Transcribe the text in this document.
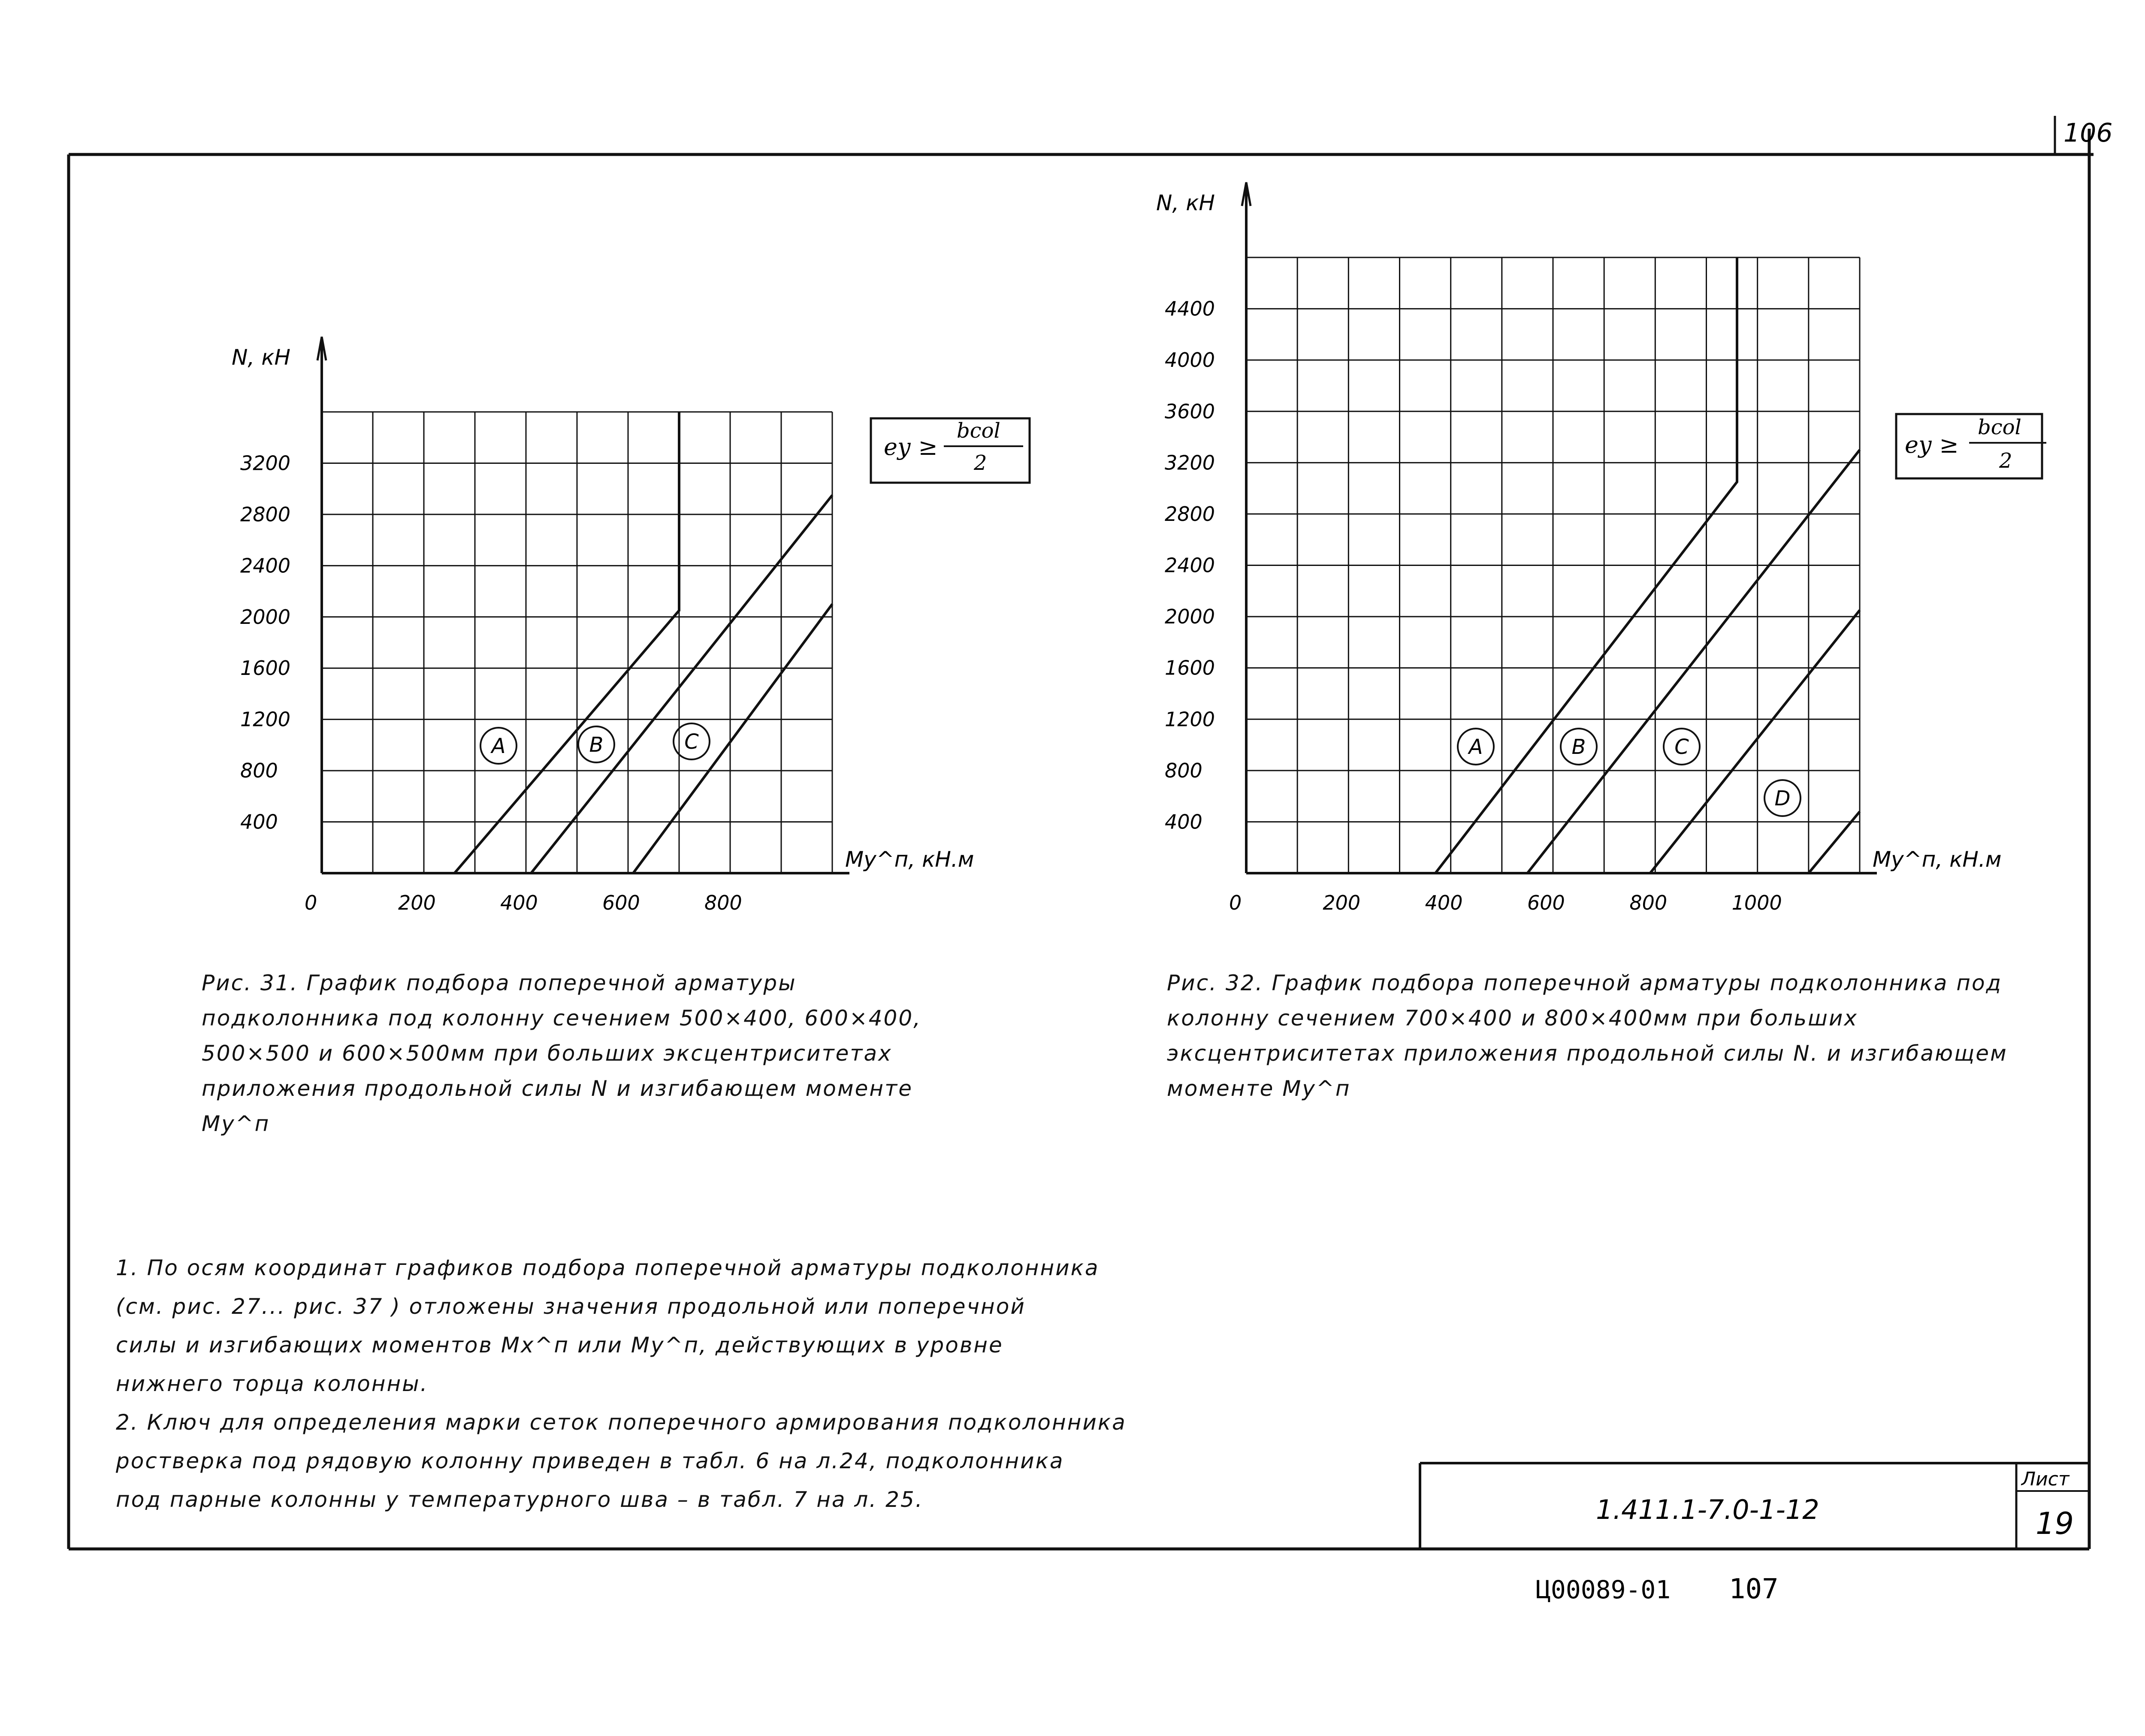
106
1.411.1-7.0-1-12
Лист
19
Ц00089-01 107
N, кН
Mу^п, кН.м
400
800
1200
1600
2000
2400
2800
3200
0	200	400	600	800
A	B	C
eу ≥
bcol
2
N, кН
Mу^п, кН.м
400
800
1200
1600
2000
2400
2800
3200
3600
4000
4400
0	200	400	600	800	1000
A	B	C
D
eу ≥
bcol
2
Рис. 31. График подбора поперечной арматуры подколонника под колонну сечением 500×400, 600×400, 500×500 и 600×500мм при больших эксцентриситетах приложения продольной силы N и изгибающем моменте Mу^п
Рис. 32. График подбора поперечной арматуры подколонника под колонну сечением 700×400 и 800×400мм при больших эксцентриситетах приложения продольной силы N. и изгибающем моменте Mу^п

1. По осям координат графиков подбора поперечной арматуры подколонника

(см. рис. 27... рис. 37 ) отложены значения продольной или поперечной

силы и изгибающих моментов Mx^п или Mу^п, действующих в уровне

нижнего торца колонны.

2. Ключ для определения марки сеток поперечного армирования подколонника

ростверка под рядовую колонну приведен в табл. 6 на л.24, подколонника

под парные колонны у температурного шва – в табл. 7 на л. 25.
